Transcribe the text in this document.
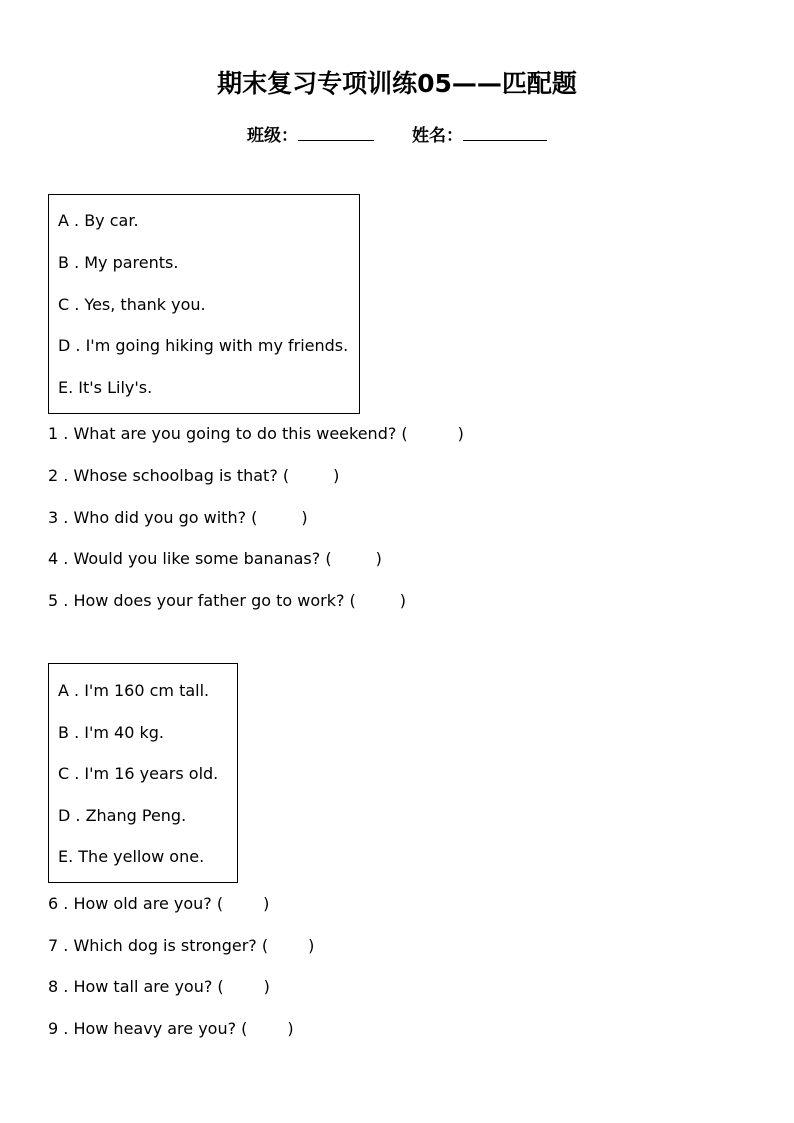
期末复习专项训练05——匹配题
班级：	姓名：
A . By car.
B . My parents.
C . Yes, thank you.
D . I'm going hiking with my friends.
E. It's Lily's.
1 . What are you going to do this weekend? (	)
2 . Whose schoolbag is that? (	)
3 . Who did you go with? (	)
4 . Would you like some bananas? (	)
5 . How does your father go to work? (	)
A . I'm 160 cm tall.
B . I'm 40 kg.
C . I'm 16 years old.
D . Zhang Peng.
E. The yellow one.
6 . How old are you? (	)
7 . Which dog is stronger? (	)
8 . How tall are you? (	)
9 . How heavy are you? (	)
